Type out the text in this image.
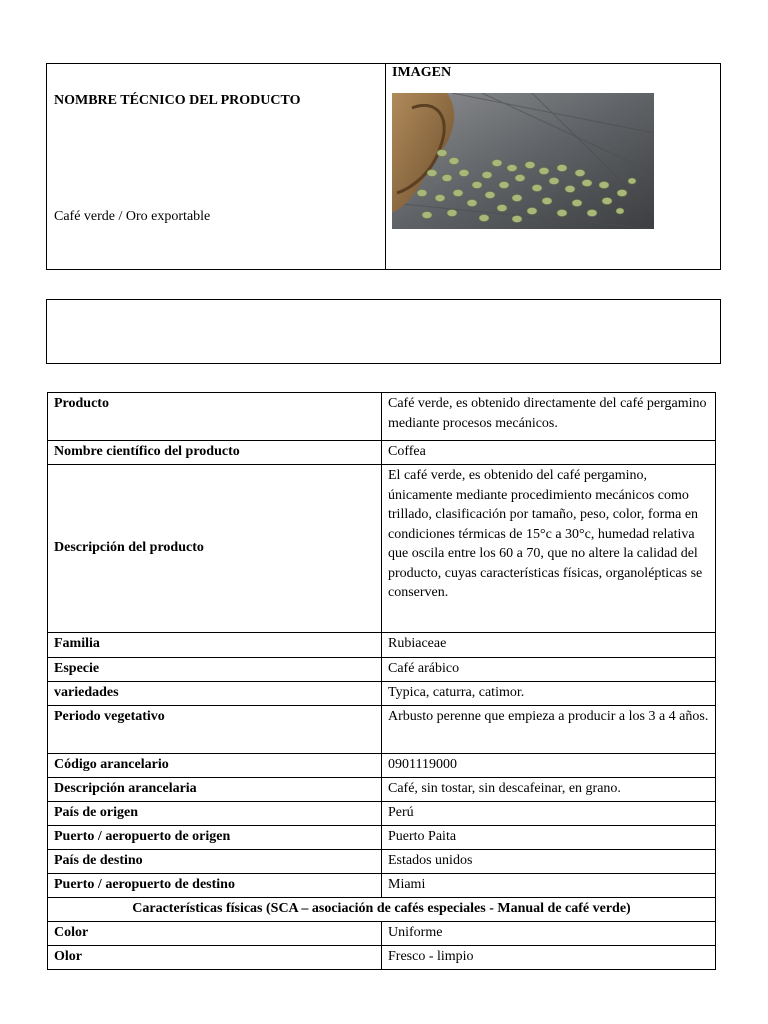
NOMBRE TÉCNICO DEL PRODUCTO
Café verde / Oro exportable
IMAGEN
Producto	Café verde, es obtenido directamente del café pergamino mediante procesos mecánicos.
Nombre científico del producto	Coffea
Descripción del producto	El café verde, es obtenido del café pergamino, únicamente mediante procedimiento mecánicos como trillado, clasificación por tamaño, peso, color, forma en condiciones térmicas de 15°c a 30°c, humedad relativa que oscila entre los 60 a 70, que no altere la calidad del producto, cuyas características físicas, organolépticas se conserven.
Familia	Rubiaceae
Especie	Café arábico
variedades	Typica, caturra, catimor.
Periodo vegetativo	Arbusto perenne que empieza a producir a los 3 a 4 años.
Código arancelario	0901119000
Descripción arancelaria	Café, sin tostar, sin descafeinar, en grano.
País de origen	Perú
Puerto / aeropuerto de origen	Puerto Paita
País de destino	Estados unidos
Puerto / aeropuerto de destino	Miami
Características físicas (SCA – asociación de cafés especiales - Manual de café verde)	
Color	Uniforme
Olor	Fresco - limpio
